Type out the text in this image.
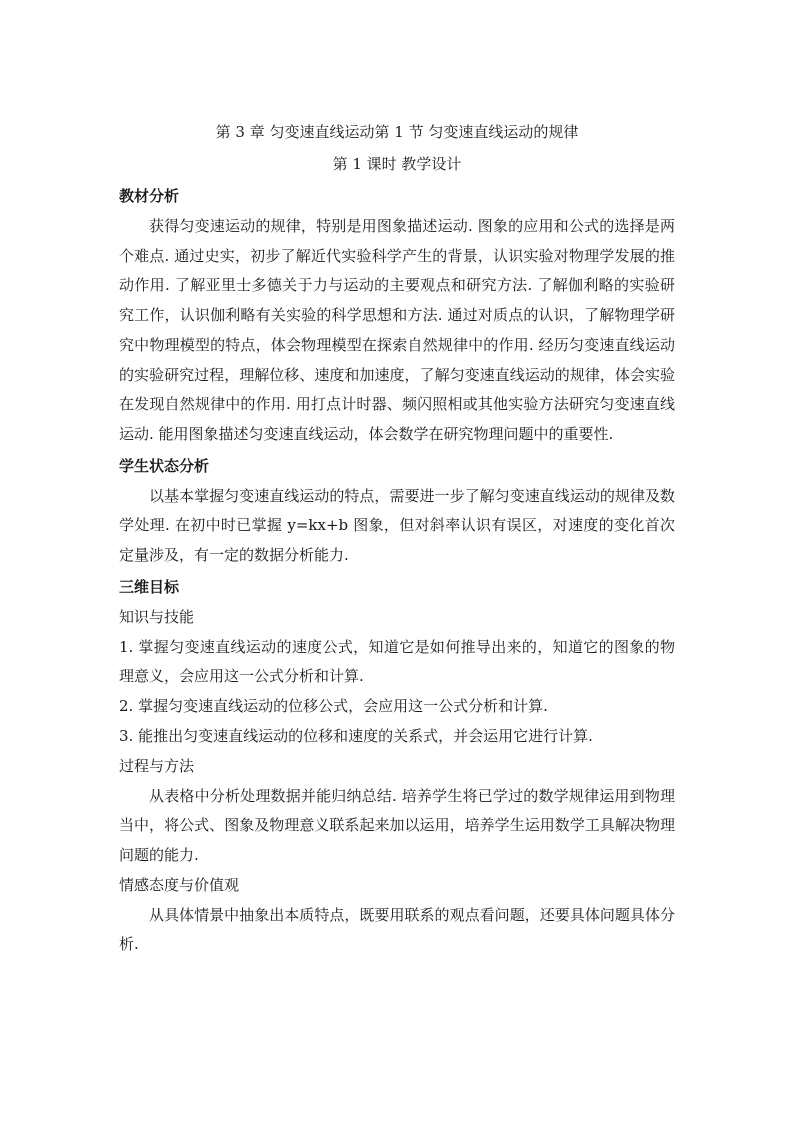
第 3 章 匀变速直线运动第 1 节 匀变速直线运动的规律

第 1 课时 教学设计

教材分析

获得匀变速运动的规律，特别是用图象描述运动. 图象的应用和公式的选择是两个难点. 通过史实，初步了解近代实验科学产生的背景，认识实验对物理学发展的推动作用. 了解亚里士多德关于力与运动的主要观点和研究方法. 了解伽利略的实验研究工作，认识伽利略有关实验的科学思想和方法. 通过对质点的认识，了解物理学研究中物理模型的特点，体会物理模型在探索自然规律中的作用. 经历匀变速直线运动的实验研究过程，理解位移、速度和加速度，了解匀变速直线运动的规律，体会实验在发现自然规律中的作用. 用打点计时器、频闪照相或其他实验方法研究匀变速直线运动. 能用图象描述匀变速直线运动，体会数学在研究物理问题中的重要性.

学生状态分析

以基本掌握匀变速直线运动的特点，需要进一步了解匀变速直线运动的规律及数学处理. 在初中时已掌握 y=kx+b 图象，但对斜率认识有误区，对速度的变化首次定量涉及，有一定的数据分析能力.

三维目标

知识与技能

1. 掌握匀变速直线运动的速度公式，知道它是如何推导出来的，知道它的图象的物理意义，会应用这一公式分析和计算.

2. 掌握匀变速直线运动的位移公式，会应用这一公式分析和计算.

3. 能推出匀变速直线运动的位移和速度的关系式，并会运用它进行计算.

过程与方法

从表格中分析处理数据并能归纳总结. 培养学生将已学过的数学规律运用到物理当中，将公式、图象及物理意义联系起来加以运用，培养学生运用数学工具解决物理问题的能力.

情感态度与价值观

从具体情景中抽象出本质特点，既要用联系的观点看问题，还要具体问题具体分析.
